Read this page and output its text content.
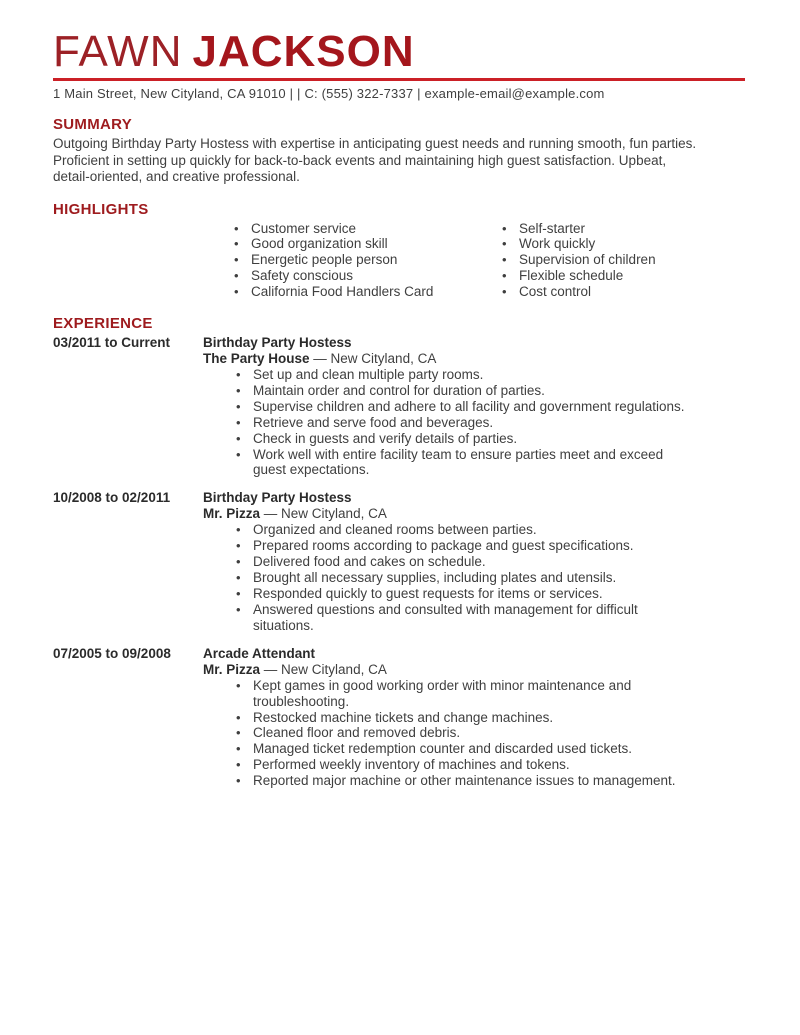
FAWN JACKSON
1 Main Street, New Cityland, CA 91010 | | C: (555) 322-7337 | example-email@example.com
SUMMARY

Outgoing Birthday Party Hostess with expertise in anticipating guest needs and running smooth, fun parties. Proficient in setting up quickly for back-to-back events and maintaining high guest satisfaction. Upbeat, detail-oriented, and creative professional.

HIGHLIGHTS
• Customer service
• Good organization skill
• Energetic people person
• Safety conscious
• California Food Handlers Card
• Self-starter
• Work quickly
• Supervision of children
• Flexible schedule
• Cost control
EXPERIENCE
03/2011 to Current	Birthday Party Hostess
The Party House — New Cityland, CA
• Set up and clean multiple party rooms.
• Maintain order and control for duration of parties.
• Supervise children and adhere to all facility and government regulations.
• Retrieve and serve food and beverages.
• Check in guests and verify details of parties.
• Work well with entire facility team to ensure parties meet and exceed guest expectations.
10/2008 to 02/2011	Birthday Party Hostess
Mr. Pizza — New Cityland, CA
• Organized and cleaned rooms between parties.
• Prepared rooms according to package and guest specifications.
• Delivered food and cakes on schedule.
• Brought all necessary supplies, including plates and utensils.
• Responded quickly to guest requests for items or services.
• Answered questions and consulted with management for difficult situations.
07/2005 to 09/2008	Arcade Attendant
Mr. Pizza — New Cityland, CA
• Kept games in good working order with minor maintenance and troubleshooting.
• Restocked machine tickets and change machines.
• Cleaned floor and removed debris.
• Managed ticket redemption counter and discarded used tickets.
• Performed weekly inventory of machines and tokens.
• Reported major machine or other maintenance issues to management.
